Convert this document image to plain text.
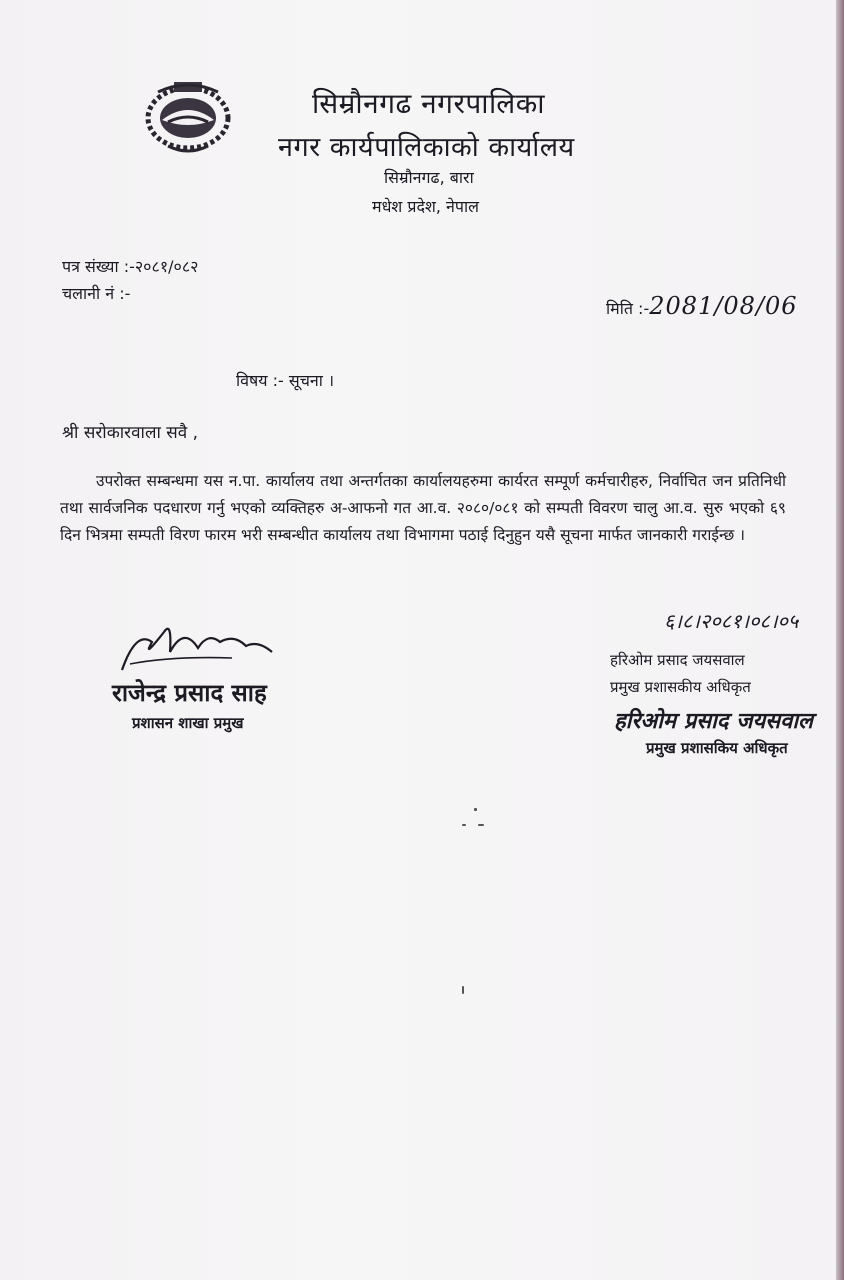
सिम्रौनगढ नगरपालिका
नगर कार्यपालिकाको कार्यालय
सिम्रौनगढ, बारा
मधेश प्रदेश, नेपाल
पत्र संख्या :-२०८१/०८२
चलानी नं :-
मिति :-2081/08/06
विषय :- सूचना ।
श्री सरोकारवाला सवै ,
उपरोक्त सम्बन्धमा यस न.पा. कार्यालय तथा अन्तर्गतका कार्यालयहरुमा कार्यरत सम्पूर्ण कर्मचारीहरु, निर्वाचित जन प्रतिनिधी तथा सार्वजनिक पदधारण गर्नु भएको व्यक्तिहरु अ-आफनो गत आ.व. २०८०/०८१ को सम्पती विवरण चालु आ.व. सुरु भएको ६९ दिन भित्रमा सम्पती विरण फारम भरी सम्बन्धीत कार्यालय तथा विभागमा पठाई दिनुहुन यसै सूचना मार्फत जानकारी गराईन्छ ।
राजेन्द्र प्रसाद साह
प्रशासन शाखा प्रमुख
६।८।२०८१।०८।०५
हरिओम प्रसाद जयसवाल
प्रमुख प्रशासकीय अधिकृत
हरिओम प्रसाद जयसवाल
प्रमुख प्रशासकिय अधिकृत
